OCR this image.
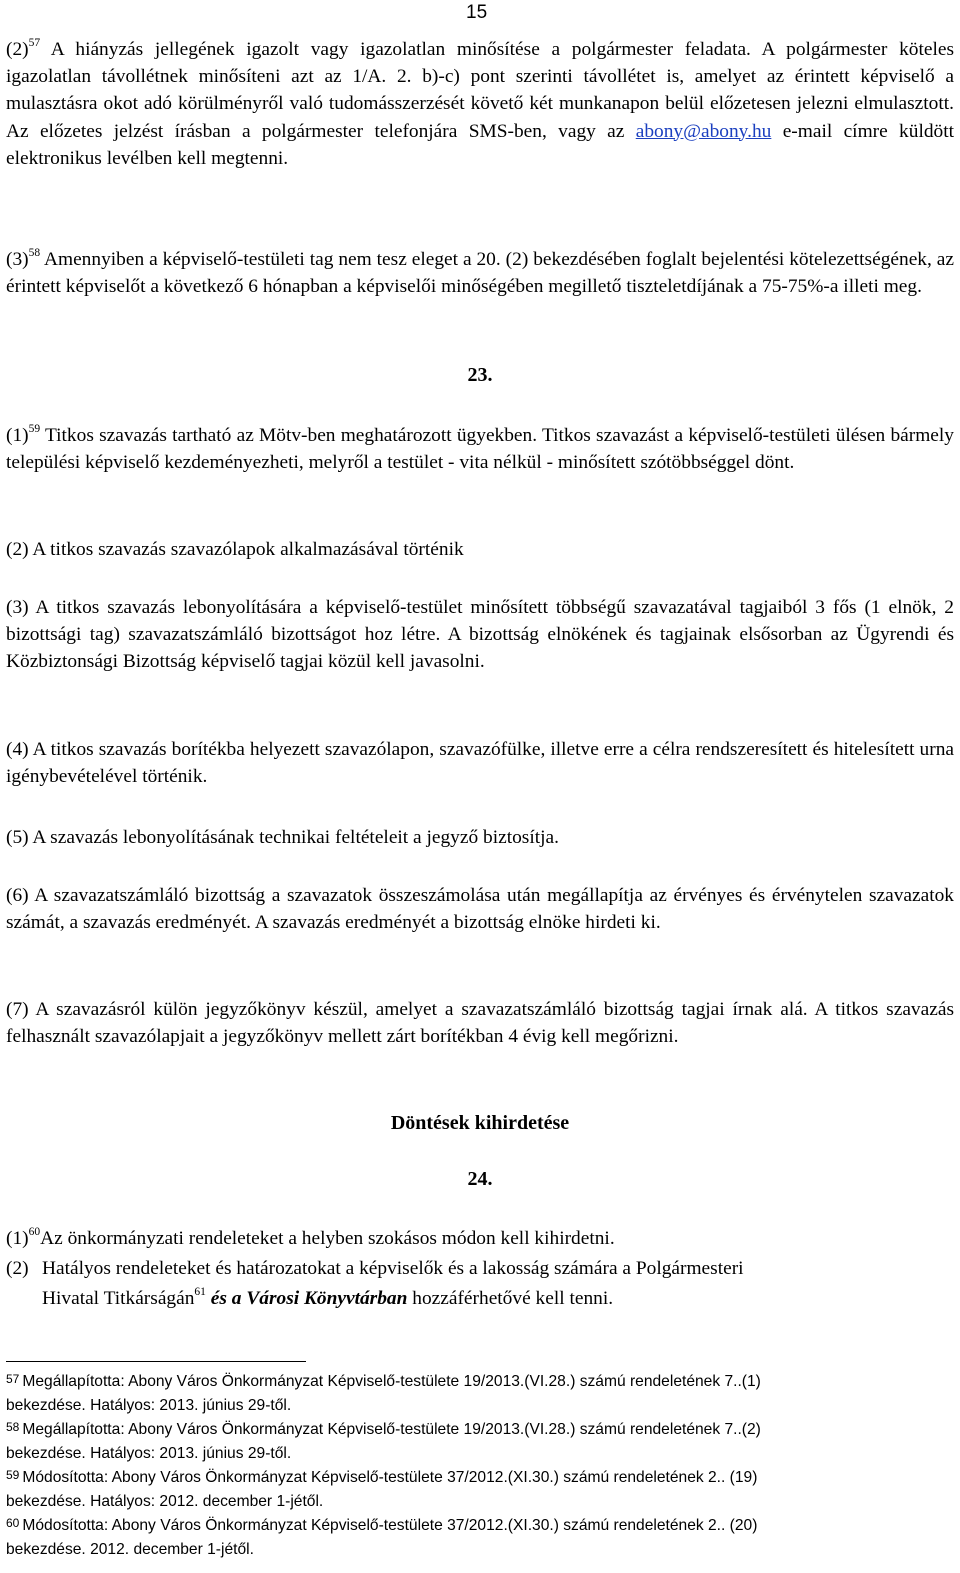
15

$(2)^{57}$ A hiányzás jellegének igazolt vagy igazolatlan minősítése a polgármester feladata. A polgármester köteles igazolatlan távollétnek minősíteni azt az 1/A. 2. b)-c) pont szerinti távollétet is, amelyet az érintett képviselő a mulasztásra okot adó körülményről való tudomásszerzését követő két munkanapon belül előzetesen jelezni elmulasztott. Az előzetes jelzést írásban a polgármester telefonjára SMS-ben, vagy az abony@abony.hu e-mail címre küldött elektronikus levélben kell megtenni.

$(3)^{58}$ Amennyiben a képviselő-testületi tag nem tesz eleget a 20. (2) bekezdésében foglalt bejelentési kötelezettségének, az érintett képviselőt a következő 6 hónapban a képviselői minőségében megillető tiszteletdíjának a 75-75%-a illeti meg.

23.

$(1)^{59}$ Titkos szavazás tartható az Mötv-ben meghatározott ügyekben. Titkos szavazást a képviselő-testületi ülésen bármely települési képviselő kezdeményezheti, melyről a testület - vita nélkül - minősített szótöbbséggel dönt.

(2) A titkos szavazás szavazólapok alkalmazásával történik

(3) A titkos szavazás lebonyolítására a képviselő-testület minősített többségű szavazatával tagjaiból 3 fős (1 elnök, 2 bizottsági tag) szavazatszámláló bizottságot hoz létre. A bizottság elnökének és tagjainak elsősorban az Ügyrendi és Közbiztonsági Bizottság képviselő tagjai közül kell javasolni.

(4) A titkos szavazás borítékba helyezett szavazólapon, szavazófülke, illetve erre a célra rendszeresített és hitelesített urna igénybevételével történik.

(5) A szavazás lebonyolításának technikai feltételeit a jegyző biztosítja.

(6) A szavazatszámláló bizottság a szavazatok összeszámolása után megállapítja az érvényes és érvénytelen szavazatok számát, a szavazás eredményét. A szavazás eredményét a bizottság elnöke hirdeti ki.

(7) A szavazásról külön jegyzőkönyv készül, amelyet a szavazatszámláló bizottság tagjai írnak alá. A titkos szavazás felhasznált szavazólapjait a jegyzőkönyv mellett zárt borítékban 4 évig kell megőrizni.

Döntések kihirdetése

24.

$(1)^{60}Az$ önkormányzati rendeleteket a helyben szokásos módon kell kihirdetni.

(2) Hatályos rendeleteket és határozatokat a képviselők és a lakosság számára a Polgármesteri
Hivatal Titkárságán$^{61}$ és a Városi Könyvtárban hozzáférhetővé kell tenni.
57 Megállapította: Abony Város Önkormányzat Képviselő-testülete 19/2013.(VI.28.) számú rendeletének 7..(1)
bekezdése. Hatályos: 2013. június 29-től.
58 Megállapította: Abony Város Önkormányzat Képviselő-testülete 19/2013.(VI.28.) számú rendeletének 7..(2)
bekezdése. Hatályos: 2013. június 29-től.
59 Módosította: Abony Város Önkormányzat Képviselő-testülete 37/2012.(XI.30.) számú rendeletének 2.. (19)
bekezdése. Hatályos: 2012. december 1-jétől.
60 Módosította: Abony Város Önkormányzat Képviselő-testülete 37/2012.(XI.30.) számú rendeletének 2.. (20)
bekezdése. 2012. december 1-jétől.
